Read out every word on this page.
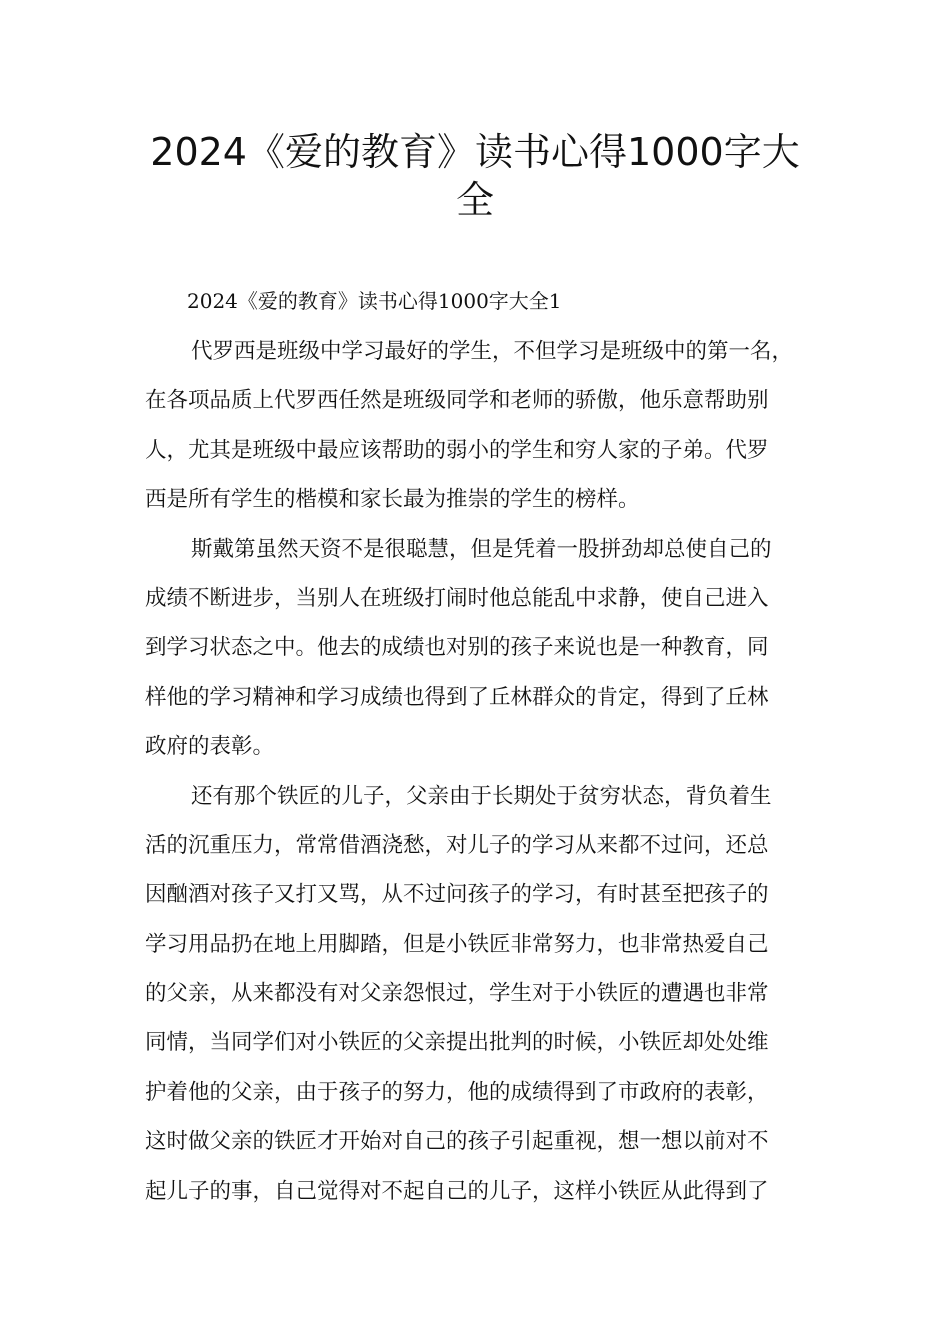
2024《爱的教育》读书心得1000字大
全
2024《爱的教育》读书心得1000字大全1
代罗西是班级中学习最好的学生，不但学习是班级中的第一名，
在各项品质上代罗西任然是班级同学和老师的骄傲，他乐意帮助别
人，尤其是班级中最应该帮助的弱小的学生和穷人家的子弟。代罗
西是所有学生的楷模和家长最为推崇的学生的榜样。
斯戴第虽然天资不是很聪慧，但是凭着一股拼劲却总使自己的
成绩不断进步，当别人在班级打闹时他总能乱中求静，使自己进入
到学习状态之中。他去的成绩也对别的孩子来说也是一种教育，同
样他的学习精神和学习成绩也得到了丘林群众的肯定，得到了丘林
政府的表彰。
还有那个铁匠的儿子，父亲由于长期处于贫穷状态，背负着生
活的沉重压力，常常借酒浇愁，对儿子的学习从来都不过问，还总
因酗酒对孩子又打又骂，从不过问孩子的学习，有时甚至把孩子的
学习用品扔在地上用脚踏，但是小铁匠非常努力，也非常热爱自己
的父亲，从来都没有对父亲怨恨过，学生对于小铁匠的遭遇也非常
同情，当同学们对小铁匠的父亲提出批判的时候，小铁匠却处处维
护着他的父亲，由于孩子的努力，他的成绩得到了市政府的表彰，
这时做父亲的铁匠才开始对自己的孩子引起重视，想一想以前对不
起儿子的事，自己觉得对不起自己的儿子，这样小铁匠从此得到了
